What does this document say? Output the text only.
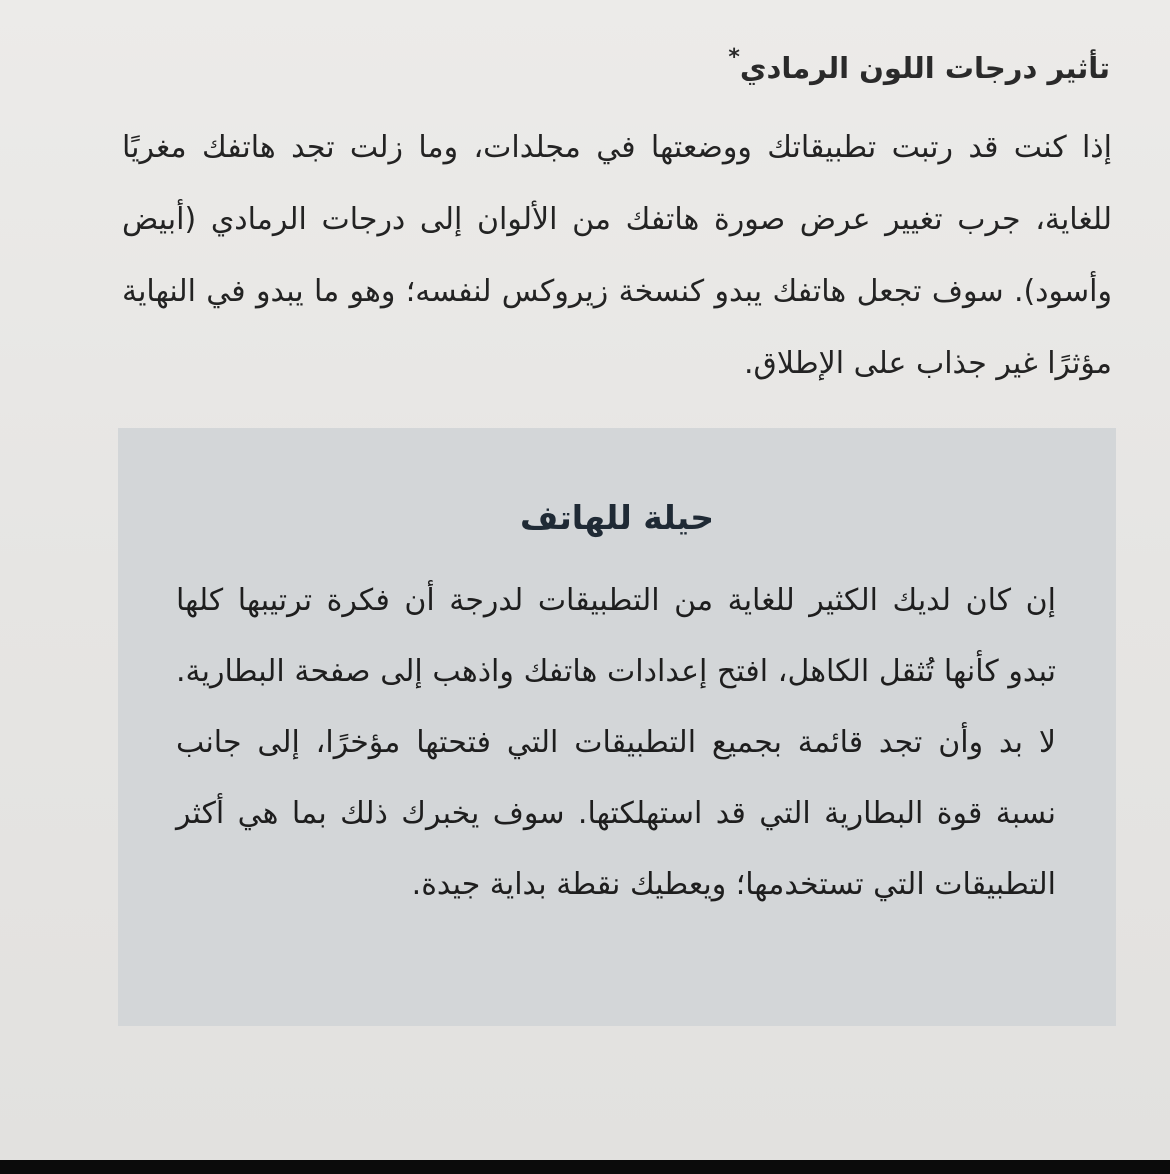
تأثير درجات اللون الرمادي*
إذا كنت قد رتبت تطبيقاتك ووضعتها في مجلدات، وما زلت تجد هاتفك مغريًا للغاية، جرب تغيير عرض صورة هاتفك من الألوان إلى درجات الرمادي (أبيض وأسود). سوف تجعل هاتفك يبدو كنسخة زيروكس لنفسه؛ وهو ما يبدو في النهاية مؤثرًا غير جذاب على الإطلاق.
حيلة للهاتف
إن كان لديك الكثير للغاية من التطبيقات لدرجة أن فكرة ترتيبها كلها تبدو كأنها تُثقل الكاهل، افتح إعدادات هاتفك واذهب إلى صفحة البطارية. لا بد وأن تجد قائمة بجميع التطبيقات التي فتحتها مؤخرًا، إلى جانب نسبة قوة البطارية التي قد استهلكتها. سوف يخبرك ذلك بما هي أكثر التطبيقات التي تستخدمها؛ ويعطيك نقطة بداية جيدة.
